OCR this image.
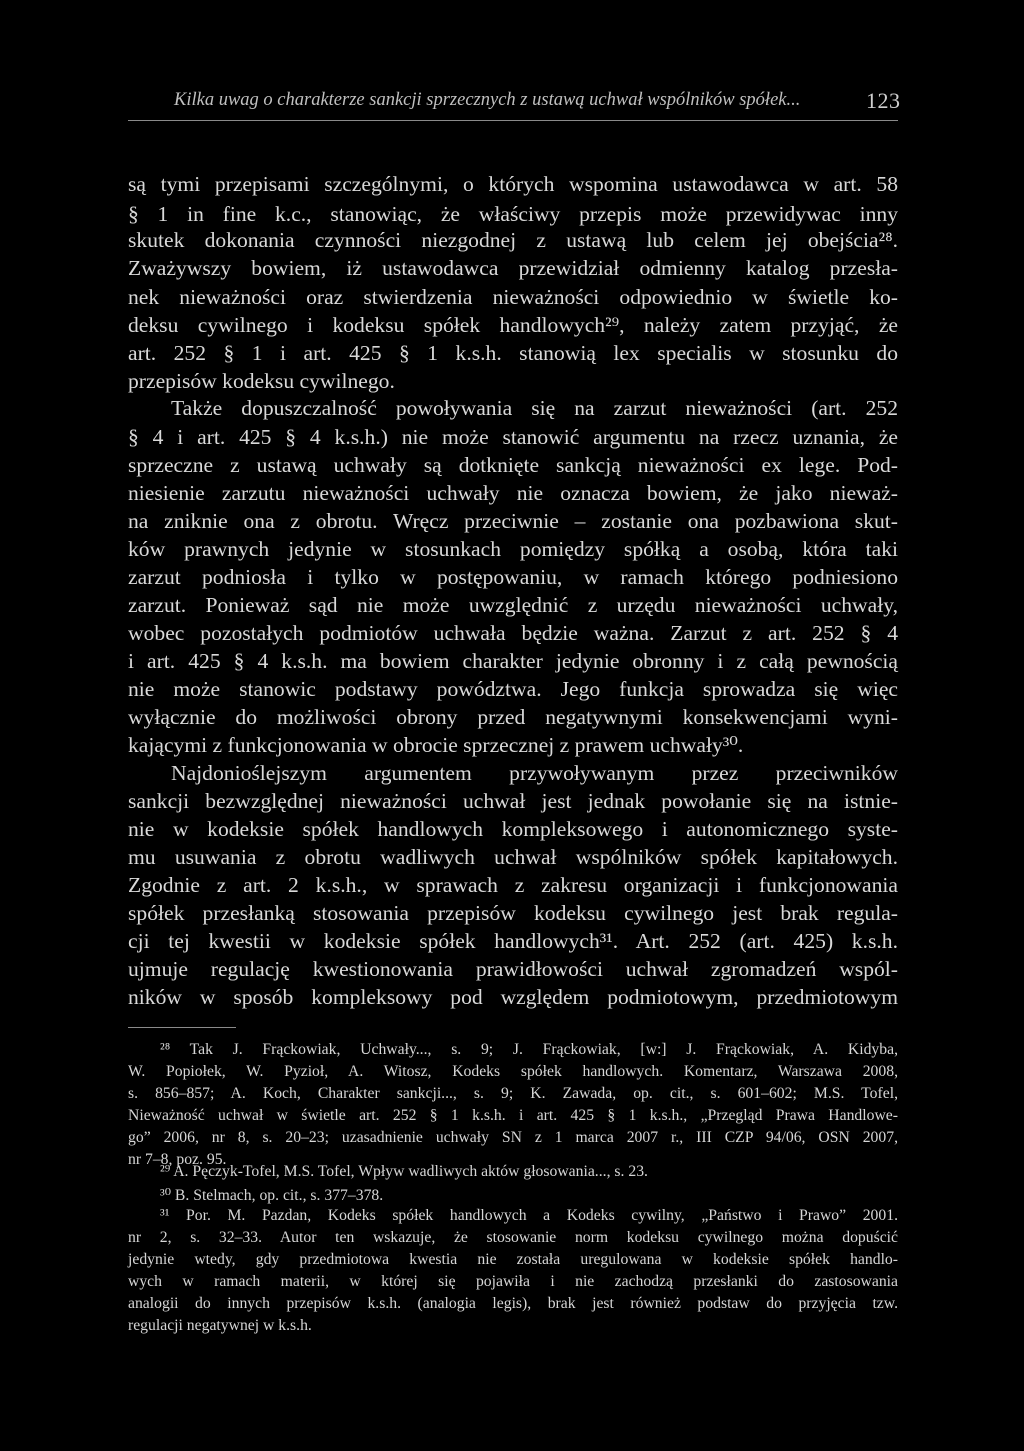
Kilka uwag o charakterze sankcji sprzecznych z ustawą uchwał wspólników spółek...	123
są tymi przepisami szczególnymi, o których wspomina ustawodawca w art. 58
§ 1 in fine k.c., stanowiąc, że właściwy przepis może przewidywac inny
skutek dokonania czynności niezgodnej z ustawą lub celem jej obejścia²⁸.
Zważywszy bowiem, iż ustawodawca przewidział odmienny katalog przesła-
nek nieważności oraz stwierdzenia nieważności odpowiednio w świetle ko-
deksu cywilnego i kodeksu spółek handlowych²⁹, należy zatem przyjąć, że
art. 252 § 1 i art. 425 § 1 k.s.h. stanowią lex specialis w stosunku do
przepisów kodeksu cywilnego.
Także dopuszczalność powoływania się na zarzut nieważności (art. 252
§ 4 i art. 425 § 4 k.s.h.) nie może stanowić argumentu na rzecz uznania, że
sprzeczne z ustawą uchwały są dotknięte sankcją nieważności ex lege. Pod-
niesienie zarzutu nieważności uchwały nie oznacza bowiem, że jako nieważ-
na zniknie ona z obrotu. Wręcz przeciwnie – zostanie ona pozbawiona skut-
ków prawnych jedynie w stosunkach pomiędzy spółką a osobą, która taki
zarzut podniosła i tylko w postępowaniu, w ramach którego podniesiono
zarzut. Ponieważ sąd nie może uwzględnić z urzędu nieważności uchwały,
wobec pozostałych podmiotów uchwała będzie ważna. Zarzut z art. 252 § 4
i art. 425 § 4 k.s.h. ma bowiem charakter jedynie obronny i z całą pewnością
nie może stanowic podstawy powództwa. Jego funkcja sprowadza się więc
wyłącznie do możliwości obrony przed negatywnymi konsekwencjami wyni-
kającymi z funkcjonowania w obrocie sprzecznej z prawem uchwały³⁰.
Najdonioślejszym argumentem przywoływanym przez przeciwników
sankcji bezwzględnej nieważności uchwał jest jednak powołanie się na istnie-
nie w kodeksie spółek handlowych kompleksowego i autonomicznego syste-
mu usuwania z obrotu wadliwych uchwał wspólników spółek kapitałowych.
Zgodnie z art. 2 k.s.h., w sprawach z zakresu organizacji i funkcjonowania
spółek przesłanką stosowania przepisów kodeksu cywilnego jest brak regula-
cji tej kwestii w kodeksie spółek handlowych³¹. Art. 252 (art. 425) k.s.h.
ujmuje regulację kwestionowania prawidłowości uchwał zgromadzeń wspól-
ników w sposób kompleksowy pod względem podmiotowym, przedmiotowym
²⁸ Tak J. Frąckowiak, Uchwały..., s. 9; J. Frąckowiak, [w:] J. Frąckowiak, A. Kidyba,
W. Popiołek, W. Pyzioł, A. Witosz, Kodeks spółek handlowych. Komentarz, Warszawa 2008,
s. 856–857; A. Koch, Charakter sankcji..., s. 9; K. Zawada, op. cit., s. 601–602; M.S. Tofel,
Nieważność uchwał w świetle art. 252 § 1 k.s.h. i art. 425 § 1 k.s.h., „Przegląd Prawa Handlowe-
go” 2006, nr 8, s. 20–23; uzasadnienie uchwały SN z 1 marca 2007 r., III CZP 94/06, OSN 2007,
nr 7–8, poz. 95.
²⁹ A. Pęczyk-Tofel, M.S. Tofel, Wpływ wadliwych aktów głosowania..., s. 23.
³⁰ B. Stelmach, op. cit., s. 377–378.
³¹ Por. M. Pazdan, Kodeks spółek handlowych a Kodeks cywilny, „Państwo i Prawo” 2001.
nr 2, s. 32–33. Autor ten wskazuje, że stosowanie norm kodeksu cywilnego można dopuścić
jedynie wtedy, gdy przedmiotowa kwestia nie została uregulowana w kodeksie spółek handlo-
wych w ramach materii, w której się pojawiła i nie zachodzą przesłanki do zastosowania
analogii do innych przepisów k.s.h. (analogia legis), brak jest również podstaw do przyjęcia tzw.
regulacji negatywnej w k.s.h.
